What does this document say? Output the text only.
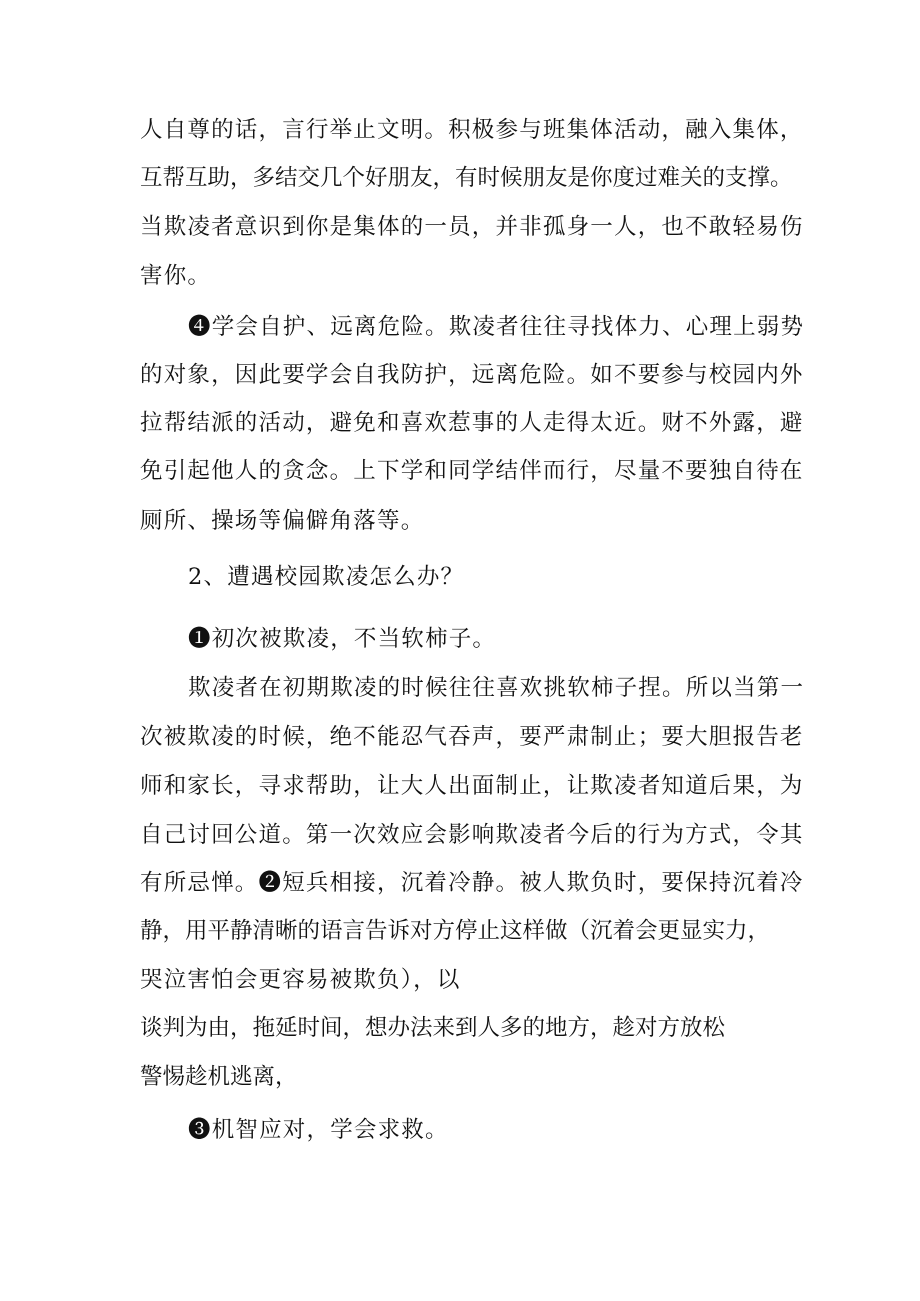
人自尊的话，言行举止文明。积极参与班集体活动，融入集体，
互帮互助，多结交几个好朋友，有时候朋友是你度过难关的支撑。
当欺凌者意识到你是集体的一员，并非孤身一人，也不敢轻易伤
害你。
❹学会自护、远离危险。欺凌者往往寻找体力、心理上弱势
的对象，因此要学会自我防护，远离危险。如不要参与校园内外
拉帮结派的活动，避免和喜欢惹事的人走得太近。财不外露，避
免引起他人的贪念。上下学和同学结伴而行，尽量不要独自待在
厕所、操场等偏僻角落等。
2、遭遇校园欺凌怎么办？
❶初次被欺凌，不当软柿子。
欺凌者在初期欺凌的时候往往喜欢挑软柿子捏。所以当第一
次被欺凌的时候，绝不能忍气吞声，要严肃制止；要大胆报告老
师和家长，寻求帮助，让大人出面制止，让欺凌者知道后果，为
自己讨回公道。第一次效应会影响欺凌者今后的行为方式，令其
有所忌惮。❷短兵相接，沉着冷静。被人欺负时，要保持沉着冷
静，用平静清晰的语言告诉对方停止这样做（沉着会更显实力，
哭泣害怕会更容易被欺负），以
谈判为由，拖延时间，想办法来到人多的地方，趁对方放松
警惕趁机逃离，
❸机智应对，学会求救。
